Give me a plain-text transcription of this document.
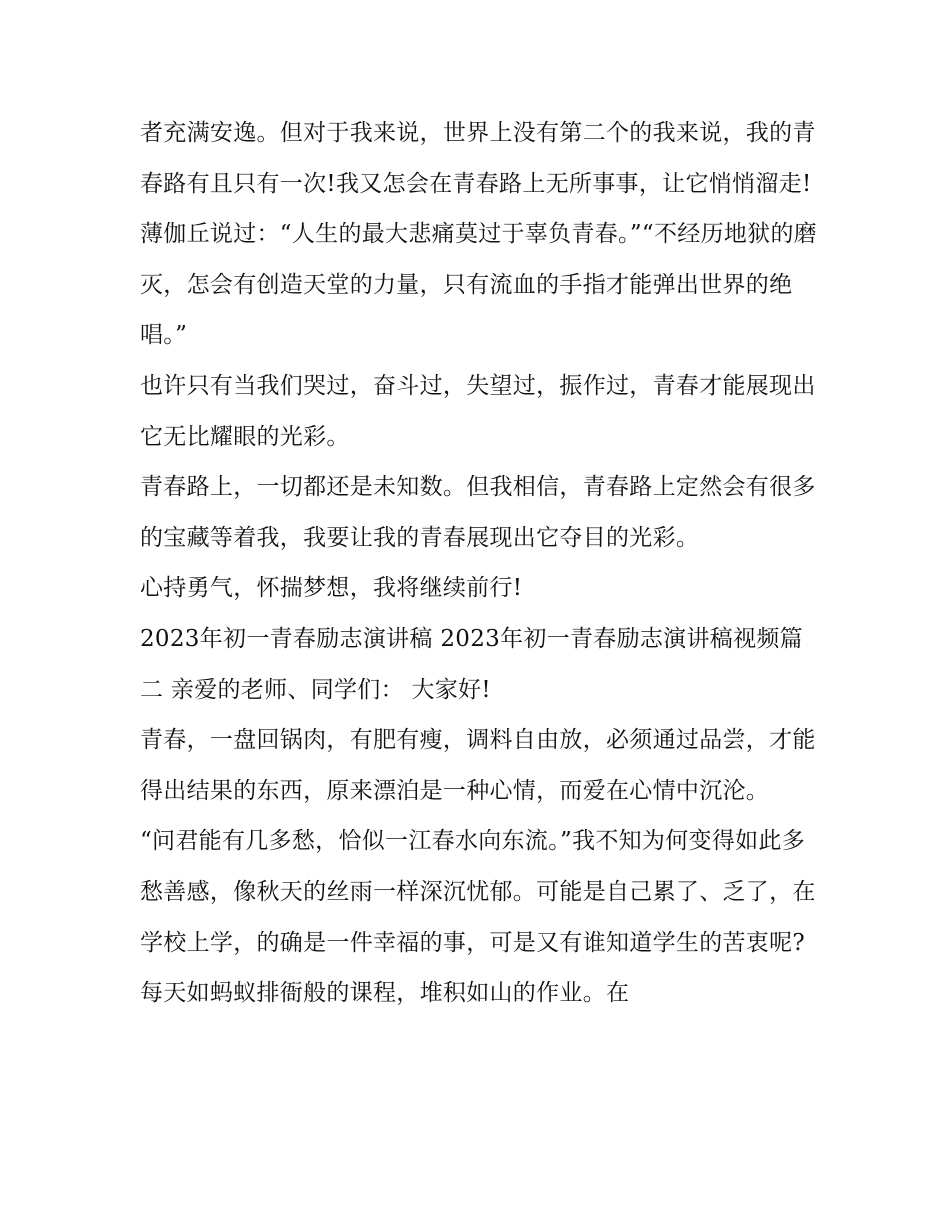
者充满安逸。但对于我来说，世界上没有第二个的我来说，我的青春路有且只有一次!我又怎会在青春路上无所事事，让它悄悄溜走!

薄伽丘说过：“人生的最大悲痛莫过于辜负青春。”“不经历地狱的磨灭，怎会有创造天堂的力量，只有流血的手指才能弹出世界的绝唱。”

也许只有当我们哭过，奋斗过，失望过，振作过，青春才能展现出它无比耀眼的光彩。

青春路上，一切都还是未知数。但我相信，青春路上定然会有很多的宝藏等着我，我要让我的青春展现出它夺目的光彩。

心持勇气，怀揣梦想，我将继续前行!

2023年初一青春励志演讲稿 2023年初一青春励志演讲稿视频篇二 亲爱的老师、同学们： 大家好!

青春，一盘回锅肉，有肥有瘦，调料自由放，必须通过品尝，才能得出结果的东西，原来漂泊是一种心情，而爱在心情中沉沦。

“问君能有几多愁，恰似一江春水向东流。”我不知为何变得如此多愁善感，像秋天的丝雨一样深沉忧郁。可能是自己累了、乏了，在学校上学，的确是一件幸福的事，可是又有谁知道学生的苦衷呢?每天如蚂蚁排衙般的课程，堆积如山的作业。在
